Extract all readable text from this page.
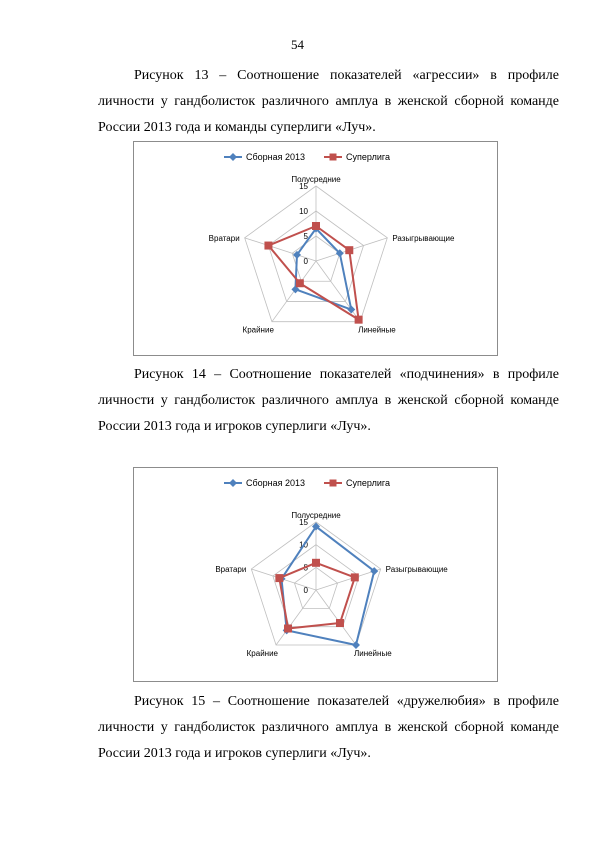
54

Рисунок 13 – Соотношение показателей «агрессии» в профиле личности у гандболисток различного амплуа в женской сборной команде России 2013 года и команды суперлиги «Луч».

Сборная 2013	Суперлига
0
5
10
15
Полусредние
Разыгрывающие
Линейные
Крайние
Вратари

Рисунок 14 – Соотношение показателей «подчинения» в профиле личности у гандболисток различного амплуа в женской сборной команде России 2013 года и игроков суперлиги «Луч».

Сборная 2013	Суперлига
0
5
10
15
Полусредние
Разыгрывающие
Линейные
Крайние
Вратари

Рисунок 15 – Соотношение показателей «дружелюбия» в профиле личности у гандболисток различного амплуа в женской сборной команде России 2013 года и игроков суперлиги «Луч».
